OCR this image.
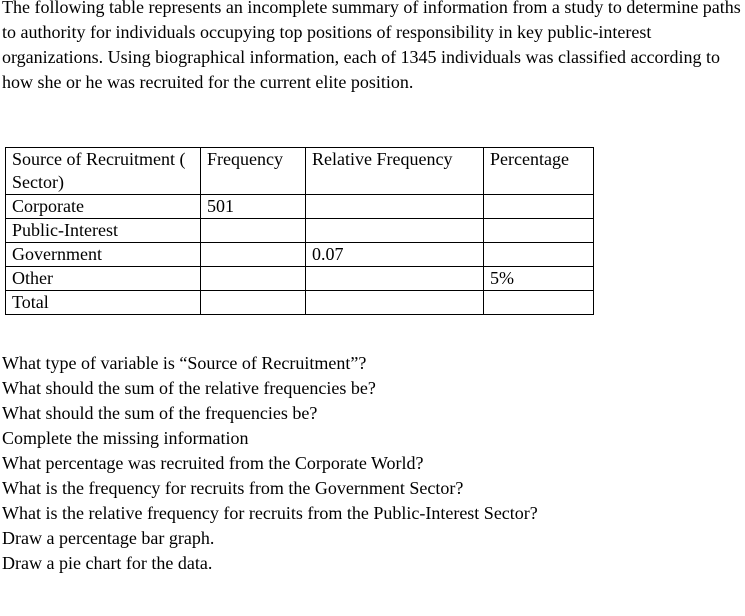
The following table represents an incomplete summary of information from a study to determine paths to authority for individuals occupying top positions of responsibility in key public-interest organizations. Using biographical information, each of 1345 individuals was classified according to how she or he was recruited for the current elite position.

Source of Recruitment ( Sector)	Frequency	Relative Frequency	Percentage
Corporate	501		
Public-Interest			
Government		0.07	
Other			5%
Total			
What type of variable is “Source of Recruitment”?
What should the sum of the relative frequencies be?
What should the sum of the frequencies be?
Complete the missing information
What percentage was recruited from the Corporate World?
What is the frequency for recruits from the Government Sector?
What is the relative frequency for recruits from the Public-Interest Sector?
Draw a percentage bar graph.
Draw a pie chart for the data.
